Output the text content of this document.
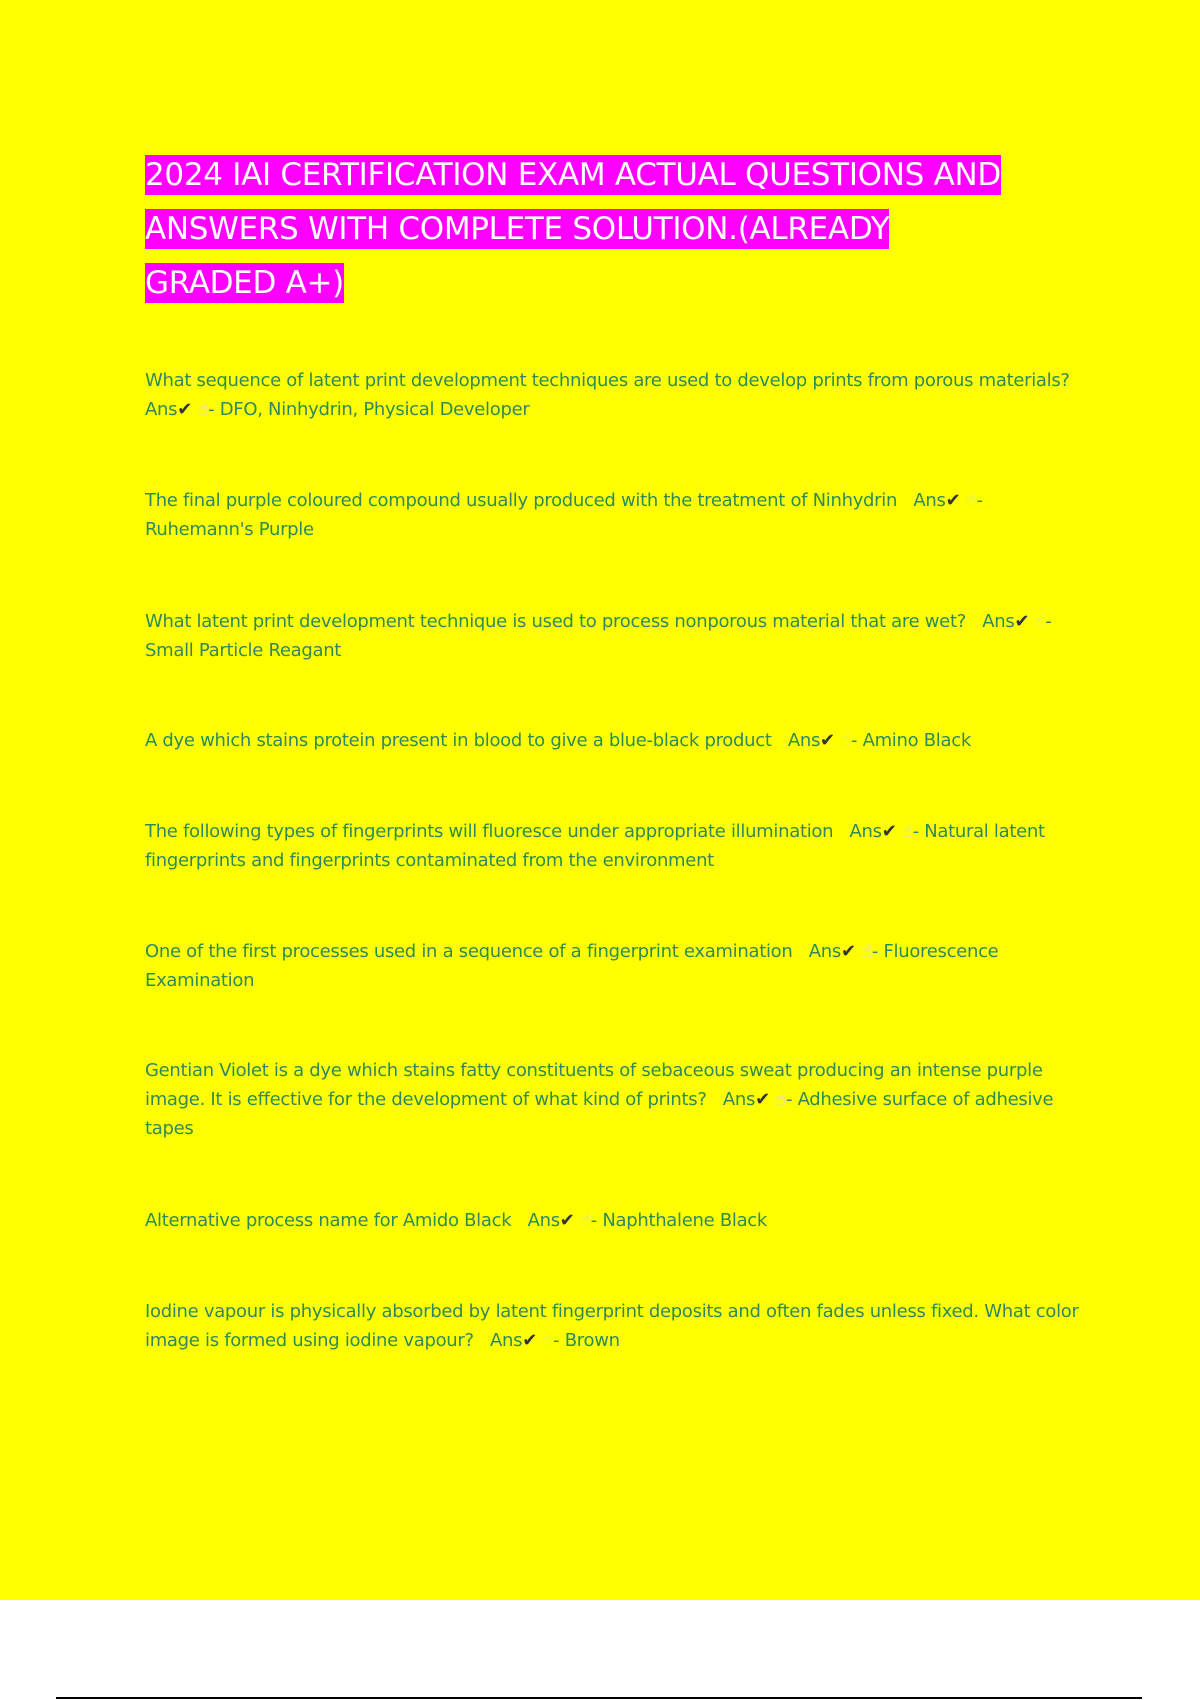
2024 IAI CERTIFICATION EXAM ACTUAL QUESTIONS AND
ANSWERS WITH COMPLETE SOLUTION.(ALREADY
GRADED A+)

What sequence of latent print development techniques are used to develop prints from porous materials?   Ans✔ ☝- DFO, Ninhydrin, Physical Developer

The final purple coloured compound usually produced with the treatment of Ninhydrin Ans✔ ☝- Ruhemann's Purple

What latent print development technique is used to process nonporous material that are wet? Ans✔ ☝- Small Particle Reagant

A dye which stains protein present in blood to give a blue-black product Ans✔ ☝- Amino Black

The following types of fingerprints will fluoresce under appropriate illumination Ans✔ ☝- Natural latent fingerprints and fingerprints contaminated from the environment

One of the first processes used in a sequence of a fingerprint examination Ans✔ ☝- Fluorescence Examination

Gentian Violet is a dye which stains fatty constituents of sebaceous sweat producing an intense purple image. It is effective for the development of what kind of prints? Ans✔ ☝- Adhesive surface of adhesive tapes

Alternative process name for Amido Black Ans✔ ☝- Naphthalene Black

Iodine vapour is physically absorbed by latent fingerprint deposits and often fades unless fixed. What color image is formed using iodine vapour? Ans✔ ☝- Brown
